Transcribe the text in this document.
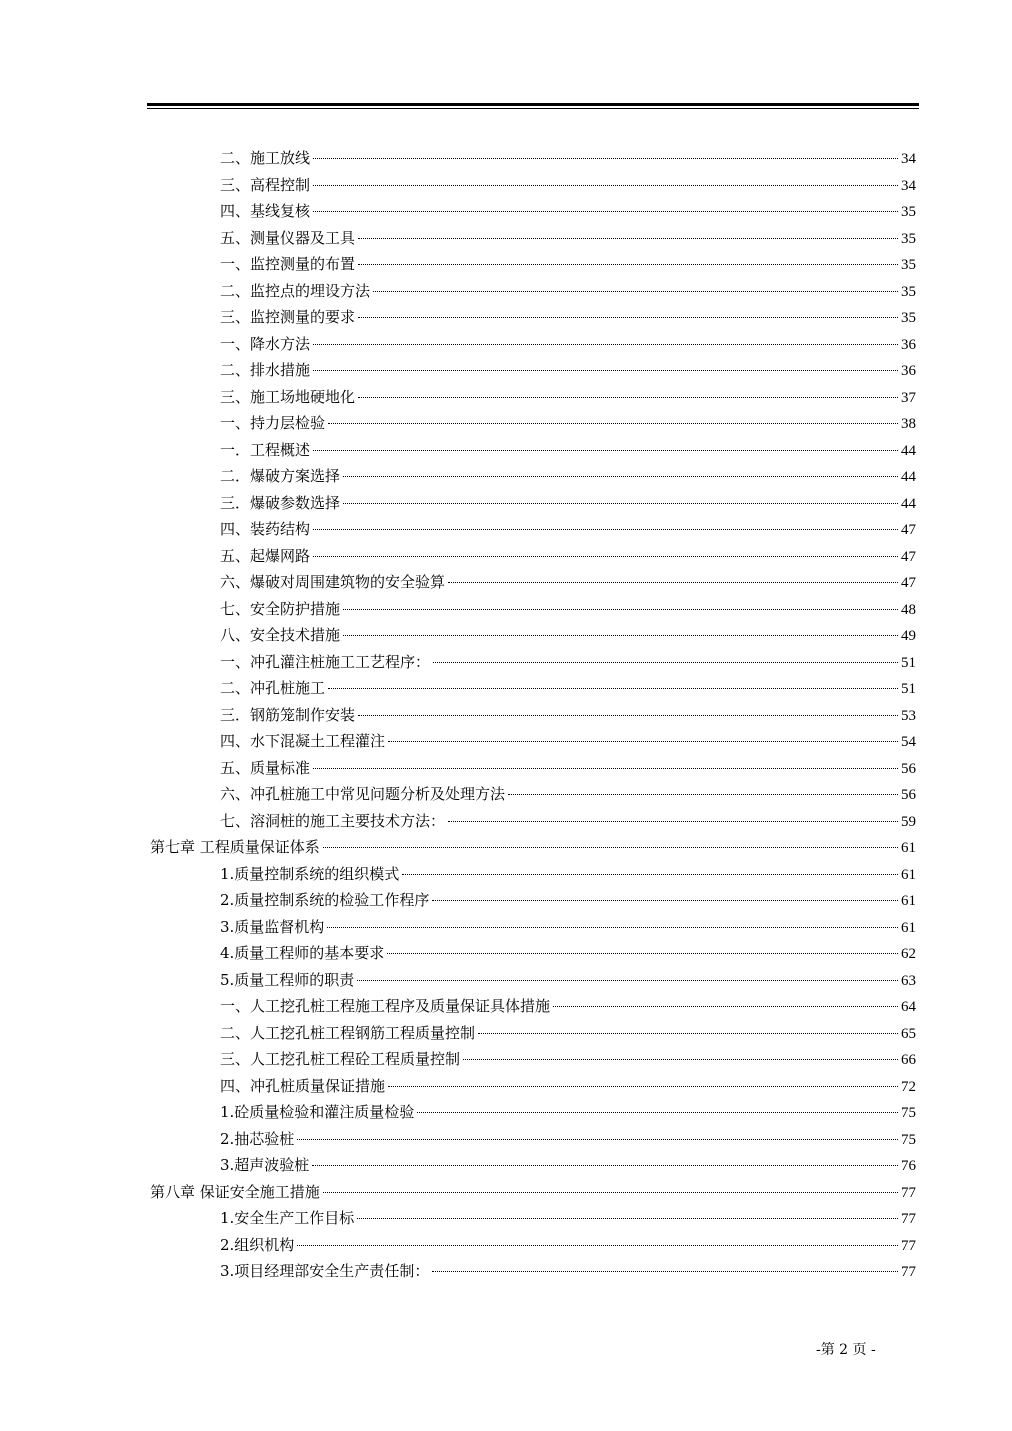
二、施工放线	34
三、高程控制	34
四、基线复核	35
五、测量仪器及工具	35
一、监控测量的布置	35
二、监控点的埋设方法	35
三、监控测量的要求	35
一、降水方法	36
二、排水措施	36
三、施工场地硬地化	37
一、持力层检验	38
一．工程概述	44
二．爆破方案选择	44
三．爆破参数选择	44
四、装药结构	47
五、起爆网路	47
六、爆破对周围建筑物的安全验算	47
七、安全防护措施	48
八、安全技术措施	49
一、冲孔灌注桩施工工艺程序：	51
二、冲孔桩施工	51
三．钢筋笼制作安装	53
四、水下混凝土工程灌注	54
五、质量标准	56
六、冲孔桩施工中常见问题分析及处理方法	56
七、溶洞桩的施工主要技术方法：	59
第七章 工程质量保证体系	61
1.质量控制系统的组织模式	61
2.质量控制系统的检验工作程序	61
3.质量监督机构	61
4.质量工程师的基本要求	62
5.质量工程师的职责	63
一、人工挖孔桩工程施工程序及质量保证具体措施	64
二、人工挖孔桩工程钢筋工程质量控制	65
三、人工挖孔桩工程砼工程质量控制	66
四、冲孔桩质量保证措施	72
1.砼质量检验和灌注质量检验	75
2.抽芯验桩	75
3.超声波验桩	76
第八章 保证安全施工措施	77
1.安全生产工作目标	77
2.组织机构	77
3.项目经理部安全生产责任制：	77
-第 2 页 -
